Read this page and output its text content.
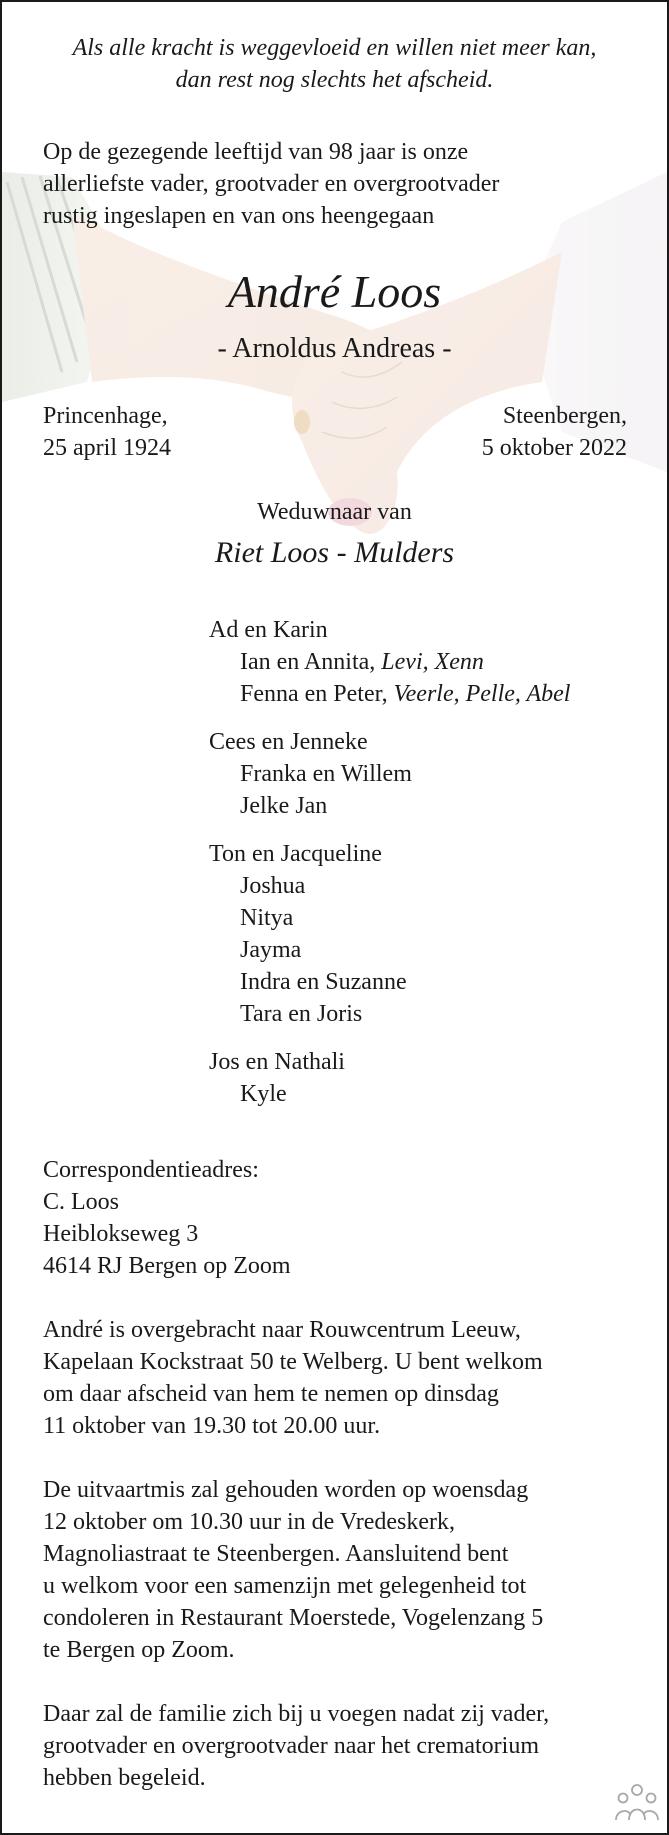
Als alle kracht is weggevloeid en willen niet meer kan,
dan rest nog slechts het afscheid.
Op de gezegende leeftijd van 98 jaar is onze
allerliefste vader, grootvader en overgrootvader
rustig ingeslapen en van ons heengegaan
André Loos
- Arnoldus Andreas -
Princenhage,
25 april 1924
Steenbergen,
5 oktober 2022
Weduwnaar van
Riet Loos - Mulders
Ad en Karin
Ian en Annita, Levi, Xenn
Fenna en Peter, Veerle, Pelle, Abel
Cees en Jenneke
Franka en Willem
Jelke Jan
Ton en Jacqueline
Joshua
Nitya
Jayma
Indra en Suzanne
Tara en Joris
Jos en Nathali
Kyle
Correspondentieadres:
C. Loos
Heiblokseweg 3
4614 RJ Bergen op Zoom
André is overgebracht naar Rouwcentrum Leeuw,
Kapelaan Kockstraat 50 te Welberg. U bent welkom
om daar afscheid van hem te nemen op dinsdag
11 oktober van 19.30 tot 20.00 uur.
De uitvaartmis zal gehouden worden op woensdag
12 oktober om 10.30 uur in de Vredeskerk,
Magnoliastraat te Steenbergen. Aansluitend bent
u welkom voor een samenzijn met gelegenheid tot
condoleren in Restaurant Moerstede, Vogelenzang 5
te Bergen op Zoom.
Daar zal de familie zich bij u voegen nadat zij vader,
grootvader en overgrootvader naar het crematorium
hebben begeleid.
